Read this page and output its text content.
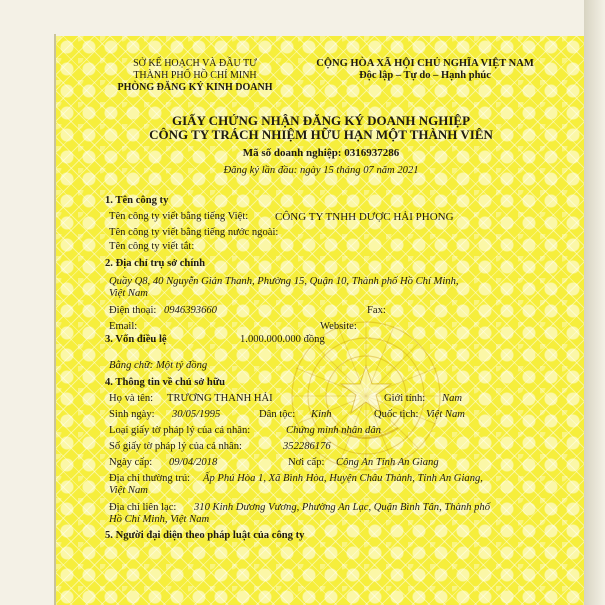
SỞ KẾ HOẠCH VÀ ĐẦU TƯ
THÀNH PHỐ HỒ CHÍ MINH
PHÒNG ĐĂNG KÝ KINH DOANH
CỘNG HÒA XÃ HỘI CHỦ NGHĨA VIỆT NAM
Độc lập – Tự do – Hạnh phúc
GIẤY CHỨNG NHẬN ĐĂNG KÝ DOANH NGHIỆP
CÔNG TY TRÁCH NHIỆM HỮU HẠN MỘT THÀNH VIÊN
Mã số doanh nghiệp: 0316937286
Đăng ký lần đầu: ngày 15 tháng 07 năm 2021
1. Tên công ty
Tên công ty viết bằng tiếng Việt: CÔNG TY TNHH DƯỢC HẢI PHONG
Tên công ty viết bằng tiếng nước ngoài:
Tên công ty viết tắt:
2. Địa chỉ trụ sở chính
Quầy Q8, 40 Nguyễn Giản Thanh, Phường 15, Quận 10, Thành phố Hồ Chí Minh,
Việt Nam
Điện thoại: 0946393660	Fax:
Email:	Website:
3. Vốn điều lệ	1.000.000.000 đồng
Bằng chữ: Một tỷ đồng
4. Thông tin về chủ sở hữu
Họ và tên: TRƯƠNG THANH HẢI	Giới tính: Nam
Sinh ngày: 30/05/1995	Dân tộc: Kinh	Quốc tịch: Việt Nam
Loại giấy tờ pháp lý của cá nhân:	Chứng minh nhân dân
Số giấy tờ pháp lý của cá nhân:	352286176
Ngày cấp: 09/04/2018	Nơi cấp: Công An Tỉnh An Giang
Địa chỉ thường trú: Ấp Phú Hòa 1, Xã Bình Hòa, Huyện Châu Thành, Tỉnh An Giang,
Việt Nam
Địa chỉ liên lạc: 310 Kinh Dương Vương, Phường An Lạc, Quận Bình Tân, Thành phố
Hồ Chí Minh, Việt Nam
5. Người đại diện theo pháp luật của công ty
